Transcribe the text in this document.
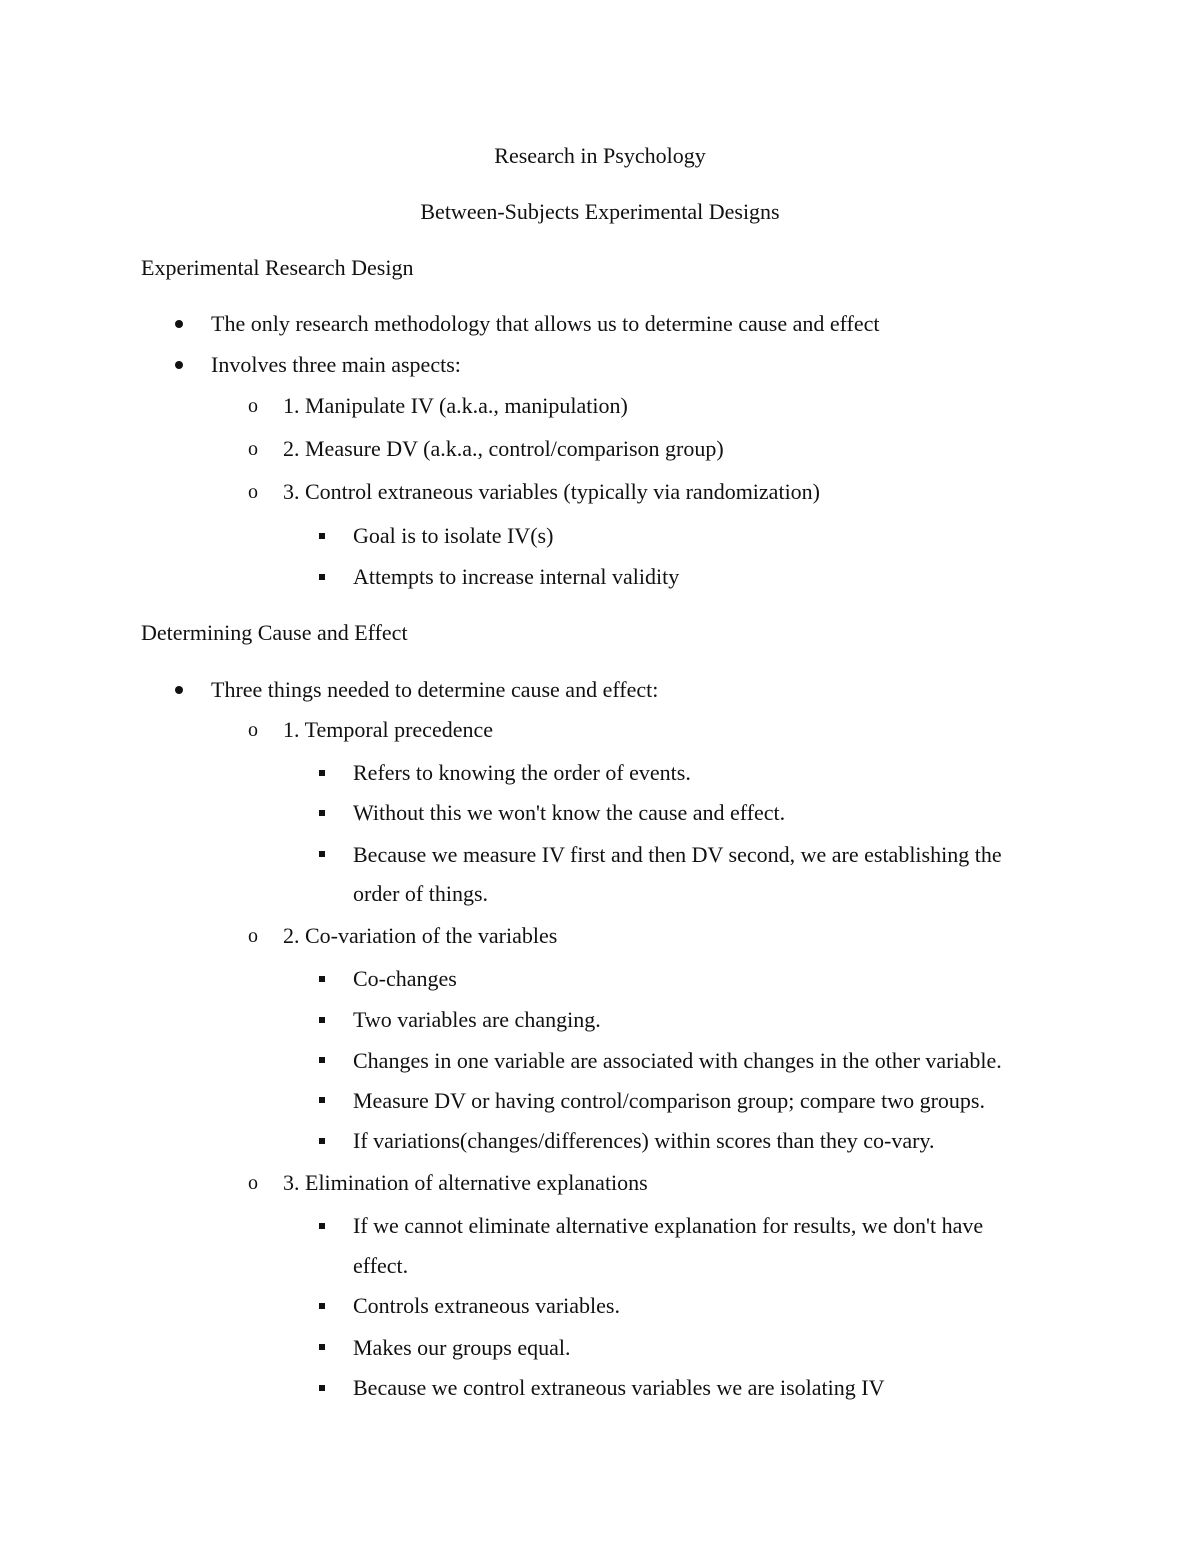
Research in Psychology
Between-Subjects Experimental Designs
Experimental Research Design
The only research methodology that allows us to determine cause and effect
Involves three main aspects:
o 1. Manipulate IV (a.k.a., manipulation)
o 2. Measure DV (a.k.a., control/comparison group)
o 3. Control extraneous variables (typically via randomization)
Goal is to isolate IV(s)
Attempts to increase internal validity
Determining Cause and Effect
Three things needed to determine cause and effect:
o 1. Temporal precedence
Refers to knowing the order of events.
Without this we won't know the cause and effect.
Because we measure IV first and then DV second, we are establishing the
order of things.
o 2. Co-variation of the variables
Co-changes
Two variables are changing.
Changes in one variable are associated with changes in the other variable.
Measure DV or having control/comparison group; compare two groups.
If variations(changes/differences) within scores than they co-vary.
o 3. Elimination of alternative explanations
If we cannot eliminate alternative explanation for results, we don't have
effect.
Controls extraneous variables.
Makes our groups equal.
Because we control extraneous variables we are isolating IV
